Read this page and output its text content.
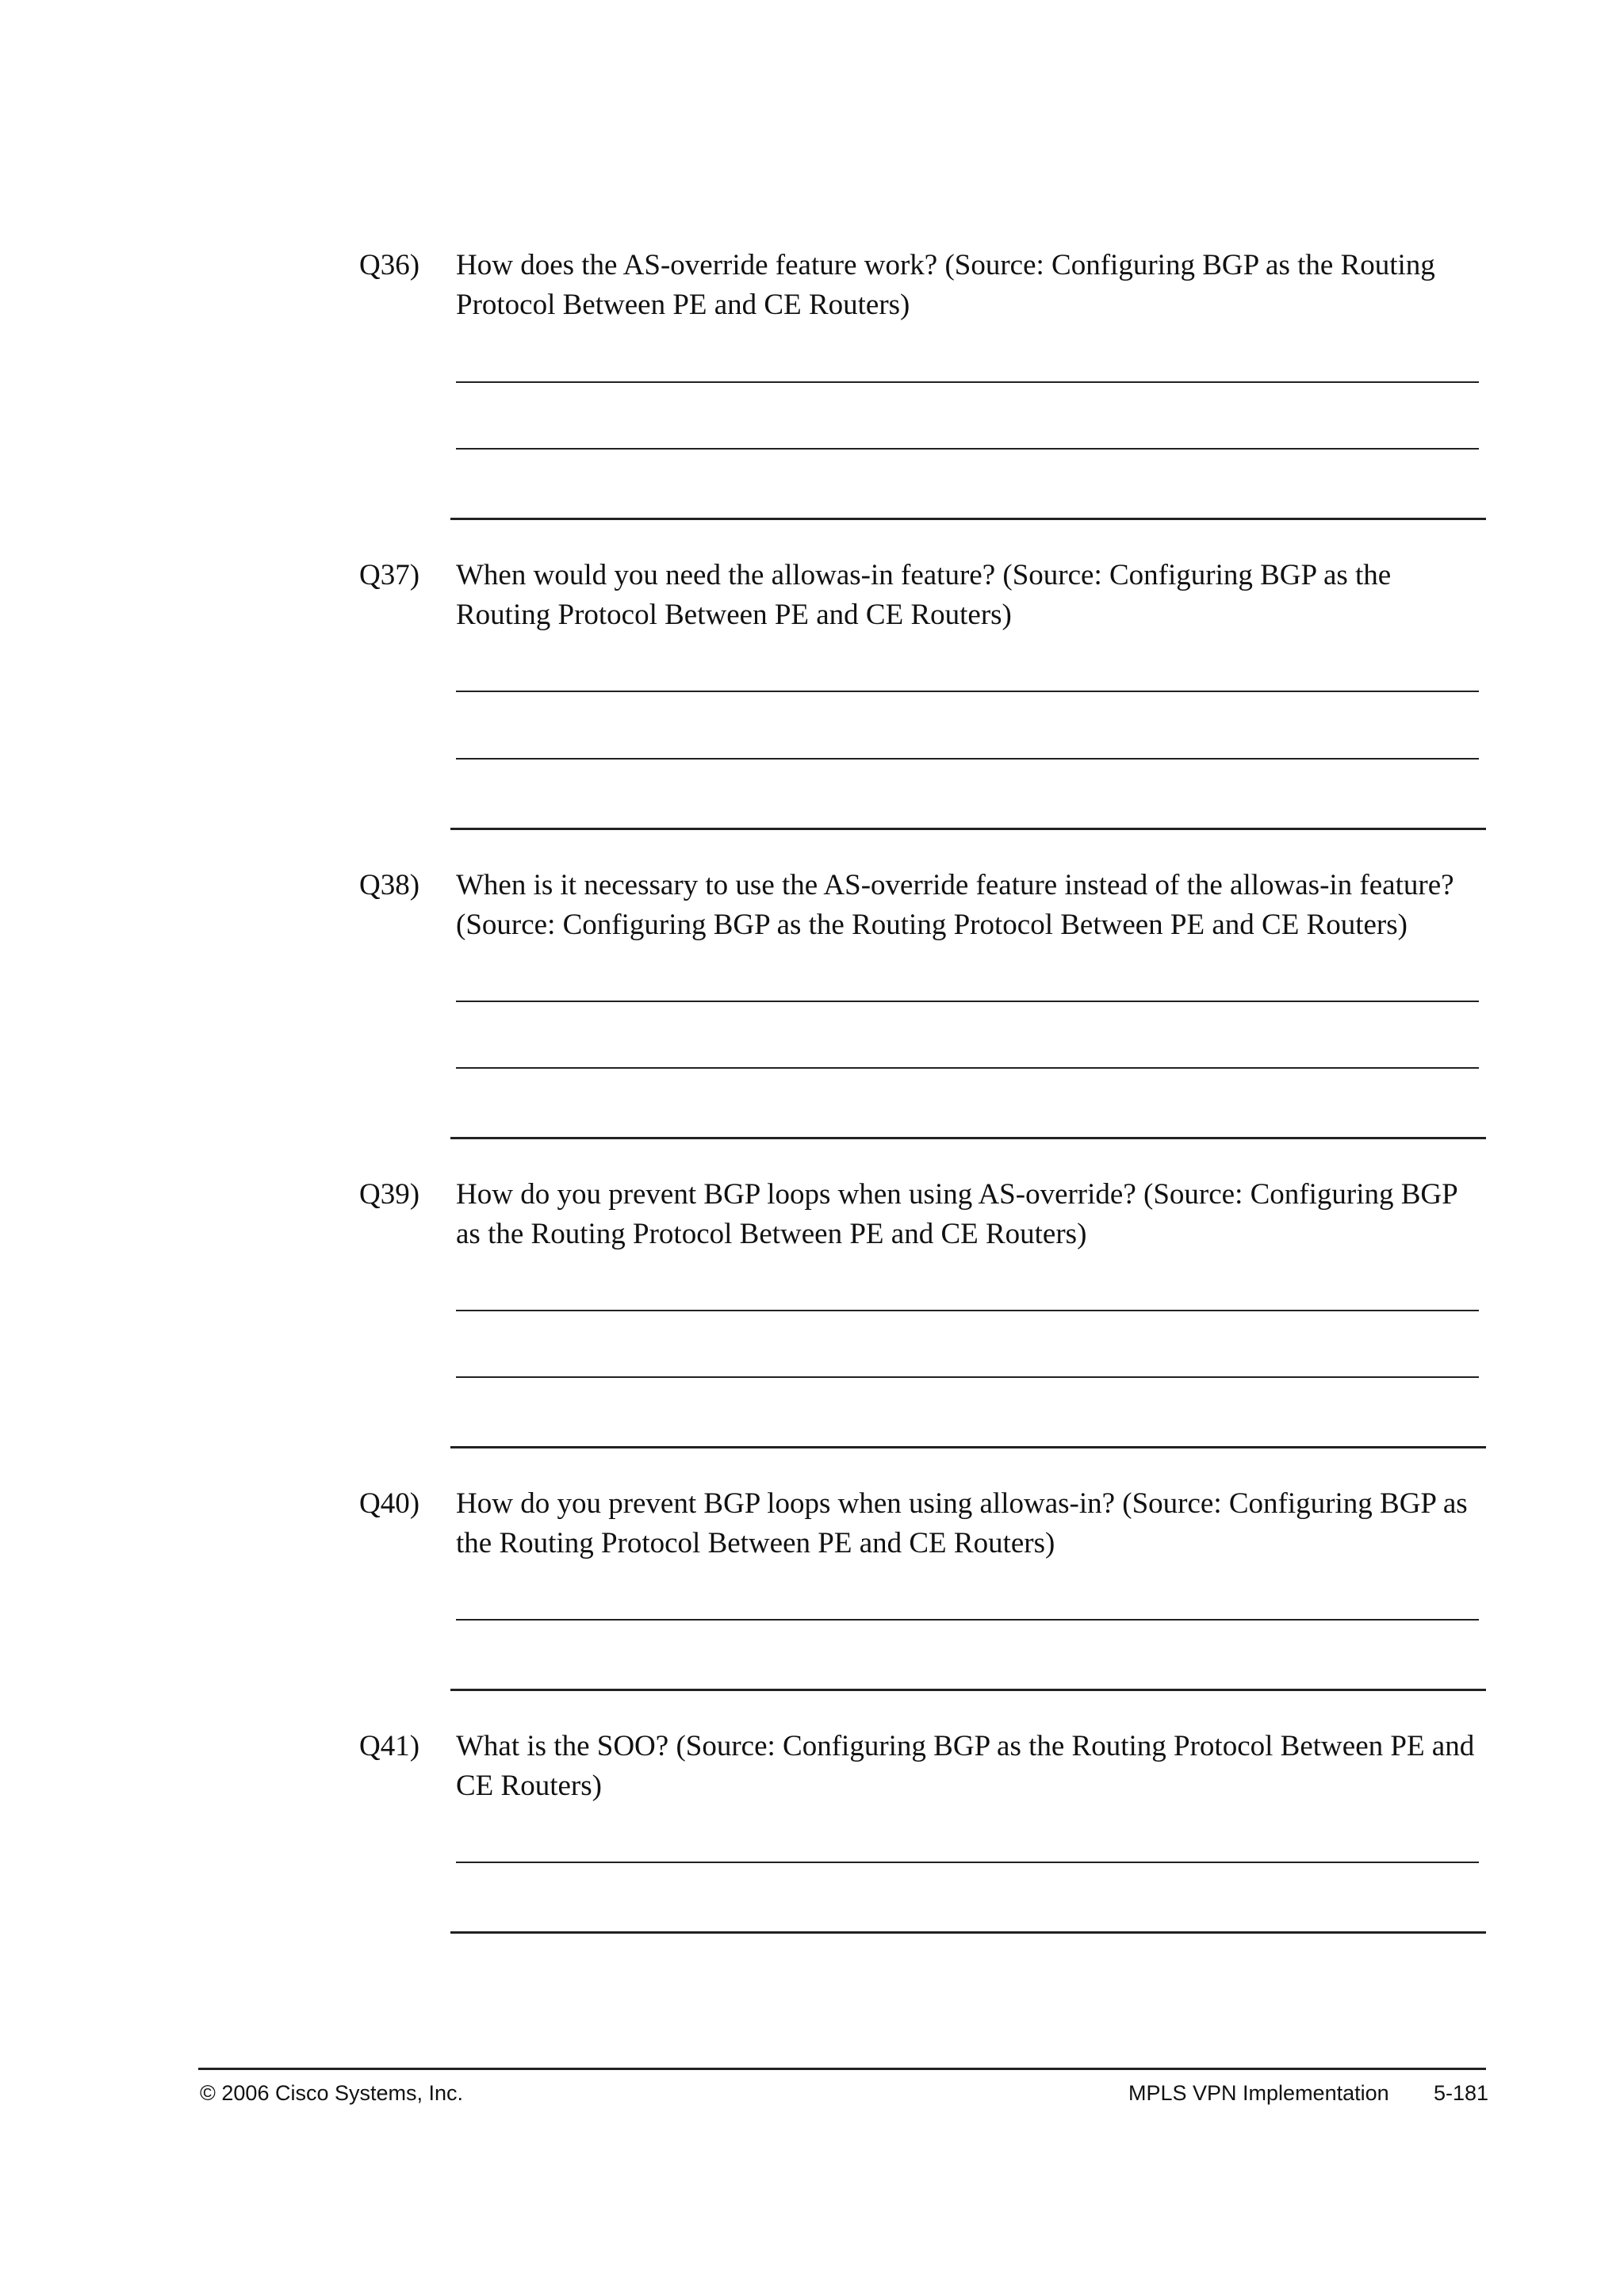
Q36) How does the AS-override feature work? (Source: Configuring BGP as the Routing
Protocol Between PE and CE Routers)
Q37) When would you need the allowas-in feature? (Source: Configuring BGP as the
Routing Protocol Between PE and CE Routers)
Q38) When is it necessary to use the AS-override feature instead of the allowas-in feature?
(Source: Configuring BGP as the Routing Protocol Between PE and CE Routers)
Q39) How do you prevent BGP loops when using AS-override? (Source: Configuring BGP
as the Routing Protocol Between PE and CE Routers)
Q40) How do you prevent BGP loops when using allowas-in? (Source: Configuring BGP as
the Routing Protocol Between PE and CE Routers)
Q41) What is the SOO? (Source: Configuring BGP as the Routing Protocol Between PE and
CE Routers)
© 2006 Cisco Systems, Inc.	MPLS VPN Implementation 5-181
